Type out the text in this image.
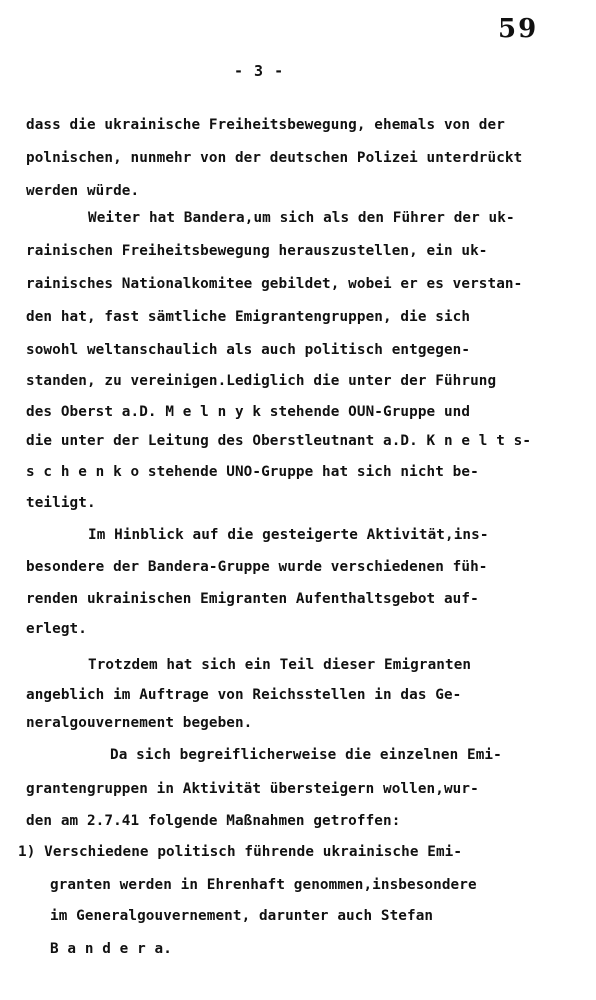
59
- 3 -
dass die ukrainische Freiheitsbewegung, ehemals von der
polnischen, nunmehr von der deutschen Polizei unterdrückt
werden würde.
Weiter hat Bandera,um sich als den Führer der uk-
rainischen Freiheitsbewegung herauszustellen, ein uk-
rainisches Nationalkomitee gebildet, wobei er es verstan-
den hat, fast sämtliche Emigrantengruppen, die sich
sowohl weltanschaulich als auch politisch entgegen-
standen, zu vereinigen.Lediglich die unter der Führung
des Oberst a.D. M e l n y k stehende OUN-Gruppe und
die unter der Leitung des Oberstleutnant a.D. K n e l t s-
s c h e n k o stehende UNO-Gruppe hat sich nicht be-
teiligt.
Im Hinblick auf die gesteigerte Aktivität,ins-
besondere der Bandera-Gruppe wurde verschiedenen füh-
renden ukrainischen Emigranten Aufenthaltsgebot auf-
erlegt.
Trotzdem hat sich ein Teil dieser Emigranten
angeblich im Auftrage von Reichsstellen in das Ge-
neralgouvernement begeben.
Da sich begreiflicherweise die einzelnen Emi-
grantengruppen in Aktivität übersteigern wollen,wur-
den am 2.7.41 folgende Maßnahmen getroffen:
1) Verschiedene politisch führende ukrainische Emi-
granten werden in Ehrenhaft genommen,insbesondere
im Generalgouvernement, darunter auch Stefan
B a n d e r a.
